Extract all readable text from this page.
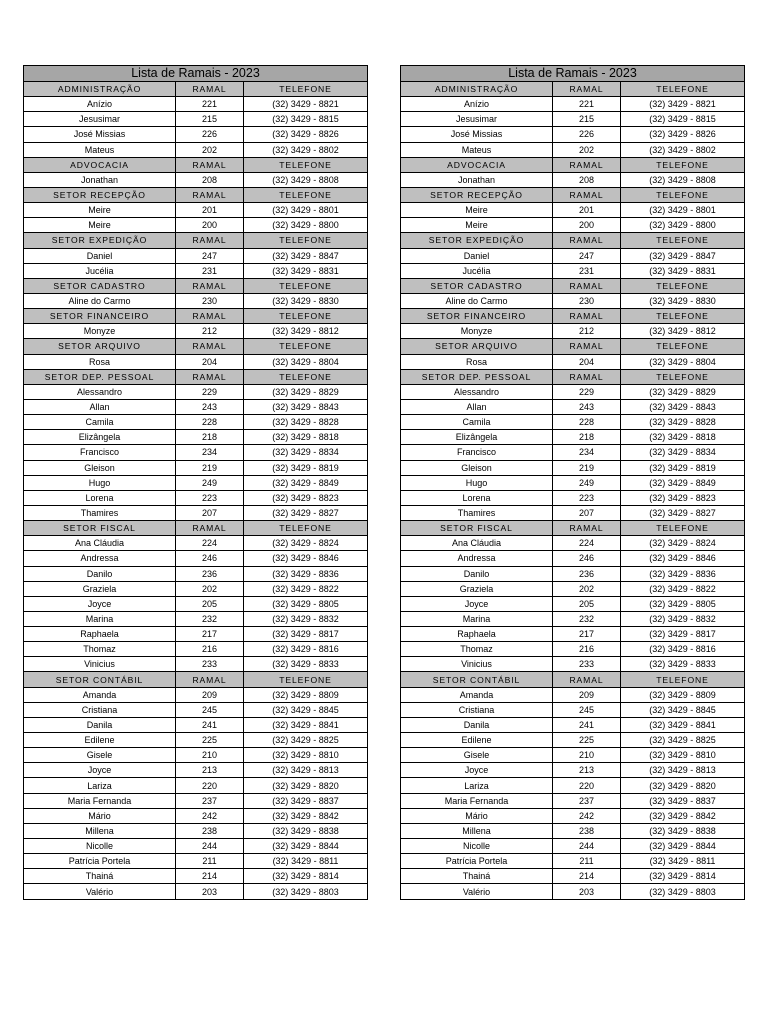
Lista de Ramais - 2023		
ADMINISTRAÇÃO	RAMAL	TELEFONE
Anízio	221	(32) 3429 - 8821
Jesusimar	215	(32) 3429 - 8815
José Missias	226	(32) 3429 - 8826
Mateus	202	(32) 3429 - 8802
ADVOCACIA	RAMAL	TELEFONE
Jonathan	208	(32) 3429 - 8808
SETOR RECEPÇÃO	RAMAL	TELEFONE
Meire	201	(32) 3429 - 8801
Meire	200	(32) 3429 - 8800
SETOR EXPEDIÇÃO	RAMAL	TELEFONE
Daniel	247	(32) 3429 - 8847
Jucélia	231	(32) 3429 - 8831
SETOR CADASTRO	RAMAL	TELEFONE
Aline do Carmo	230	(32) 3429 - 8830
SETOR FINANCEIRO	RAMAL	TELEFONE
Monyze	212	(32) 3429 - 8812
SETOR ARQUIVO	RAMAL	TELEFONE
Rosa	204	(32) 3429 - 8804
SETOR DEP. PESSOAL	RAMAL	TELEFONE
Alessandro	229	(32) 3429 - 8829
Allan	243	(32) 3429 - 8843
Camila	228	(32) 3429 - 8828
Elizângela	218	(32) 3429 - 8818
Francisco	234	(32) 3429 - 8834
Gleison	219	(32) 3429 - 8819
Hugo	249	(32) 3429 - 8849
Lorena	223	(32) 3429 - 8823
Thamires	207	(32) 3429 - 8827
SETOR FISCAL	RAMAL	TELEFONE
Ana Cláudia	224	(32) 3429 - 8824
Andressa	246	(32) 3429 - 8846
Danilo	236	(32) 3429 - 8836
Graziela	202	(32) 3429 - 8822
Joyce	205	(32) 3429 - 8805
Marina	232	(32) 3429 - 8832
Raphaela	217	(32) 3429 - 8817
Thomaz	216	(32) 3429 - 8816
Vinicius	233	(32) 3429 - 8833
SETOR CONTÁBIL	RAMAL	TELEFONE
Amanda	209	(32) 3429 - 8809
Cristiana	245	(32) 3429 - 8845
Danila	241	(32) 3429 - 8841
Edilene	225	(32) 3429 - 8825
Gisele	210	(32) 3429 - 8810
Joyce	213	(32) 3429 - 8813
Lariza	220	(32) 3429 - 8820
Maria Fernanda	237	(32) 3429 - 8837
Mário	242	(32) 3429 - 8842
Millena	238	(32) 3429 - 8838
Nicolle	244	(32) 3429 - 8844
Patrícia Portela	211	(32) 3429 - 8811
Thainá	214	(32) 3429 - 8814
Valério	203	(32) 3429 - 8803
Lista de Ramais - 2023		
ADMINISTRAÇÃO	RAMAL	TELEFONE
Anízio	221	(32) 3429 - 8821
Jesusimar	215	(32) 3429 - 8815
José Missias	226	(32) 3429 - 8826
Mateus	202	(32) 3429 - 8802
ADVOCACIA	RAMAL	TELEFONE
Jonathan	208	(32) 3429 - 8808
SETOR RECEPÇÃO	RAMAL	TELEFONE
Meire	201	(32) 3429 - 8801
Meire	200	(32) 3429 - 8800
SETOR EXPEDIÇÃO	RAMAL	TELEFONE
Daniel	247	(32) 3429 - 8847
Jucélia	231	(32) 3429 - 8831
SETOR CADASTRO	RAMAL	TELEFONE
Aline do Carmo	230	(32) 3429 - 8830
SETOR FINANCEIRO	RAMAL	TELEFONE
Monyze	212	(32) 3429 - 8812
SETOR ARQUIVO	RAMAL	TELEFONE
Rosa	204	(32) 3429 - 8804
SETOR DEP. PESSOAL	RAMAL	TELEFONE
Alessandro	229	(32) 3429 - 8829
Allan	243	(32) 3429 - 8843
Camila	228	(32) 3429 - 8828
Elizângela	218	(32) 3429 - 8818
Francisco	234	(32) 3429 - 8834
Gleison	219	(32) 3429 - 8819
Hugo	249	(32) 3429 - 8849
Lorena	223	(32) 3429 - 8823
Thamires	207	(32) 3429 - 8827
SETOR FISCAL	RAMAL	TELEFONE
Ana Cláudia	224	(32) 3429 - 8824
Andressa	246	(32) 3429 - 8846
Danilo	236	(32) 3429 - 8836
Graziela	202	(32) 3429 - 8822
Joyce	205	(32) 3429 - 8805
Marina	232	(32) 3429 - 8832
Raphaela	217	(32) 3429 - 8817
Thomaz	216	(32) 3429 - 8816
Vinicius	233	(32) 3429 - 8833
SETOR CONTÁBIL	RAMAL	TELEFONE
Amanda	209	(32) 3429 - 8809
Cristiana	245	(32) 3429 - 8845
Danila	241	(32) 3429 - 8841
Edilene	225	(32) 3429 - 8825
Gisele	210	(32) 3429 - 8810
Joyce	213	(32) 3429 - 8813
Lariza	220	(32) 3429 - 8820
Maria Fernanda	237	(32) 3429 - 8837
Mário	242	(32) 3429 - 8842
Millena	238	(32) 3429 - 8838
Nicolle	244	(32) 3429 - 8844
Patrícia Portela	211	(32) 3429 - 8811
Thainá	214	(32) 3429 - 8814
Valério	203	(32) 3429 - 8803
